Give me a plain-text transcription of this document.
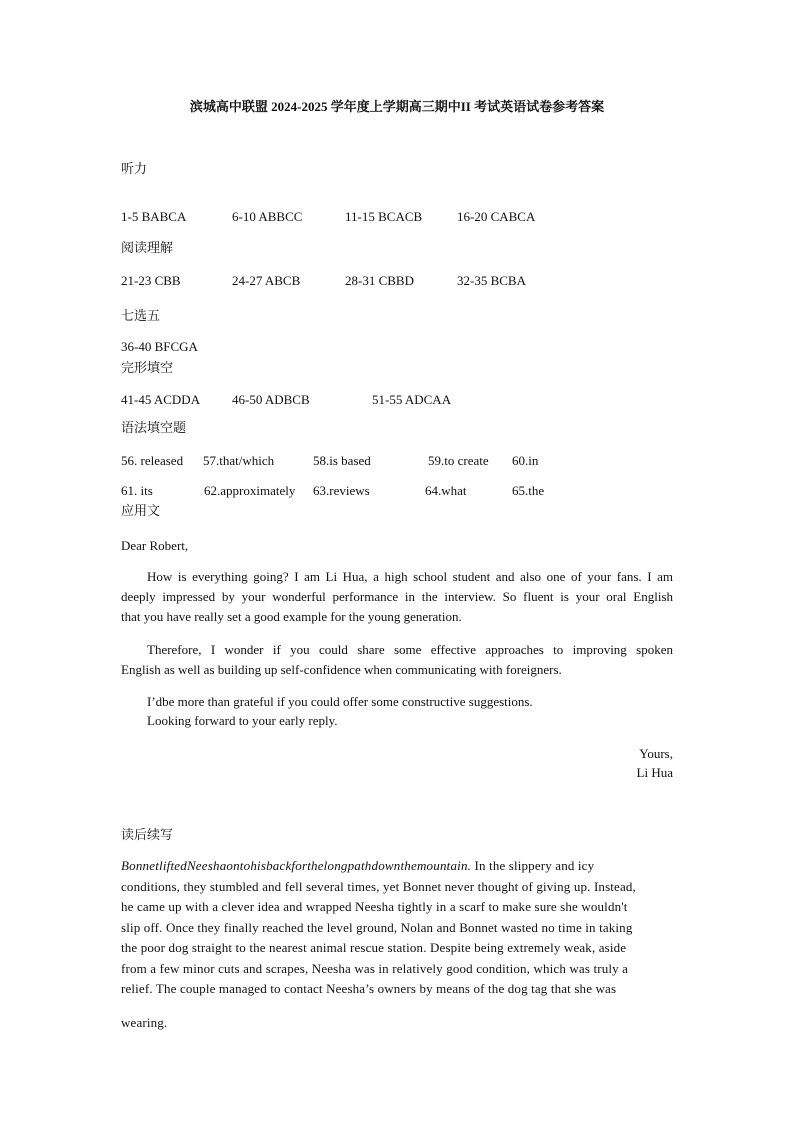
滨城高中联盟 2024-2025 学年度上学期高三期中II 考试英语试卷参考答案
听力
1-5 BABCA	6-10 ABBCC	11-15 BCACB	16-20 CABCA
阅读理解
21-23 CBB	24-27 ABCB	28-31 CBBD	32-35 BCBA
七选五
36-40 BFCGA
完形填空
41-45 ACDDA 46-50 ADBCB	51-55 ADCAA
语法填空题
56. released 57.that/which	58.is based	59.to create 60.in
61. its	62.approximately 63.reviews	64.what	65.the
应用文
Dear Robert,
How is everything going? I am Li Hua, a high school student and also one of your fans. I am
deeply impressed by your wonderful performance in the interview. So fluent is your oral English
that you have really set a good example for the young generation.
Therefore, I wonder if you could share some effective approaches to improving spoken
English as well as building up self-confidence when communicating with foreigners.
I’dbe more than grateful if you could offer some constructive suggestions.
Looking forward to your early reply.
Yours,
Li Hua
读后续写
BonnetliftedNeeshaontohisbackforthelongpathdownthemountain. In the slippery and icy
conditions, they stumbled and fell several times, yet Bonnet never thought of giving up. Instead,
he came up with a clever idea and wrapped Neesha tightly in a scarf to make sure she wouldn't
slip off. Once they finally reached the level ground, Nolan and Bonnet wasted no time in taking
the poor dog straight to the nearest animal rescue station. Despite being extremely weak, aside
from a few minor cuts and scrapes, Neesha was in relatively good condition, which was truly a
relief. The couple managed to contact Neesha’s owners by means of the dog tag that she was
wearing.
